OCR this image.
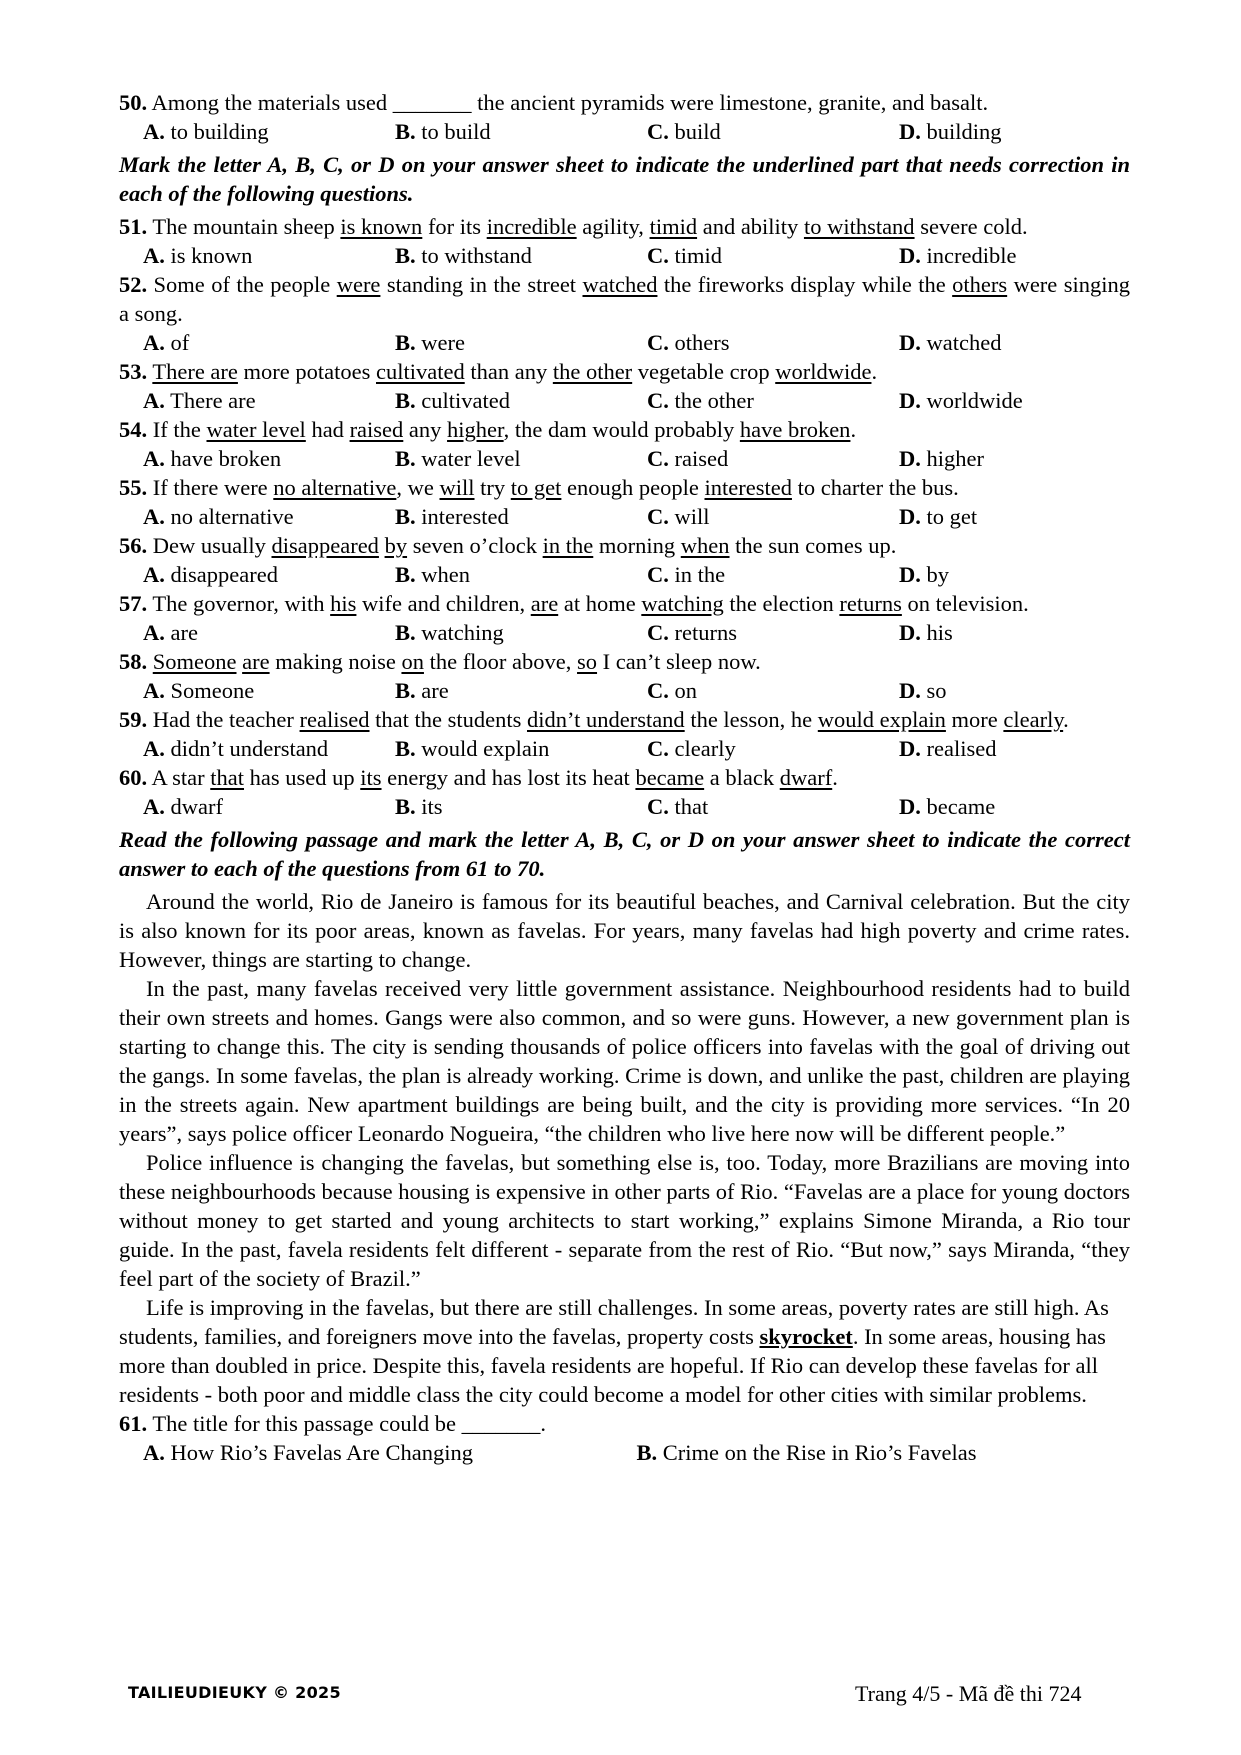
50. Among the materials used _______ the ancient pyramids were limestone, granite, and basalt.

A. to building	B. to build	C. build	D. building

Mark the letter A, B, C, or D on your answer sheet to indicate the underlined part that needs correction in each of the following questions.

51. The mountain sheep is known for its incredible agility, timid and ability to withstand severe cold.

A. is known	B. to withstand	C. timid	D. incredible

52. Some of the people were standing in the street watched the fireworks display while the others were singing a song.

A. of	B. were	C. others	D. watched

53. There are more potatoes cultivated than any the other vegetable crop worldwide.

A. There are	B. cultivated	C. the other	D. worldwide

54. If the water level had raised any higher, the dam would probably have broken.

A. have broken	B. water level	C. raised	D. higher

55. If there were no alternative, we will try to get enough people interested to charter the bus.

A. no alternative	B. interested	C. will	D. to get

56. Dew usually disappeared by seven o’clock in the morning when the sun comes up.

A. disappeared	B. when	C. in the	D. by

57. The governor, with his wife and children, are at home watching the election returns on television.

A. are	B. watching	C. returns	D. his

58. Someone are making noise on the floor above, so I can’t sleep now.

A. Someone	B. are	C. on	D. so

59. Had the teacher realised that the students didn’t understand the lesson, he would explain more clearly.

A. didn’t understand	B. would explain	C. clearly	D. realised

60. A star that has used up its energy and has lost its heat became a black dwarf.

A. dwarf	B. its	C. that	D. became

Read the following passage and mark the letter A, B, C, or D on your answer sheet to indicate the correct answer to each of the questions from 61 to 70.

Around the world, Rio de Janeiro is famous for its beautiful beaches, and Carnival celebration. But the city is also known for its poor areas, known as favelas. For years, many favelas had high poverty and crime rates. However, things are starting to change.

In the past, many favelas received very little government assistance. Neighbourhood residents had to build their own streets and homes. Gangs were also common, and so were guns. However, a new government plan is starting to change this. The city is sending thousands of police officers into favelas with the goal of driving out the gangs. In some favelas, the plan is already working. Crime is down, and unlike the past, children are playing in the streets again. New apartment buildings are being built, and the city is providing more services. “In 20 years”, says police officer Leonardo Nogueira, “the children who live here now will be different people.”

Police influence is changing the favelas, but something else is, too. Today, more Brazilians are moving into these neighbourhoods because housing is expensive in other parts of Rio. “Favelas are a place for young doctors without money to get started and young architects to start working,” explains Simone Miranda, a Rio tour guide. In the past, favela residents felt different - separate from the rest of Rio. “But now,” says Miranda, “they feel part of the society of Brazil.”

Life is improving in the favelas, but there are still challenges. In some areas, poverty rates are still high. As students, families, and foreigners move into the favelas, property costs skyrocket. In some areas, housing has more than doubled in price. Despite this, favela residents are hopeful. If Rio can develop these favelas for all residents - both poor and middle class the city could become a model for other cities with similar problems.

61. The title for this passage could be _______.

A. How Rio’s Favelas Are Changing	B. Crime on the Rise in Rio’s Favelas
TAILIEUDIEUKY © 2025	Trang 4/5 - Mã đề thi 724
